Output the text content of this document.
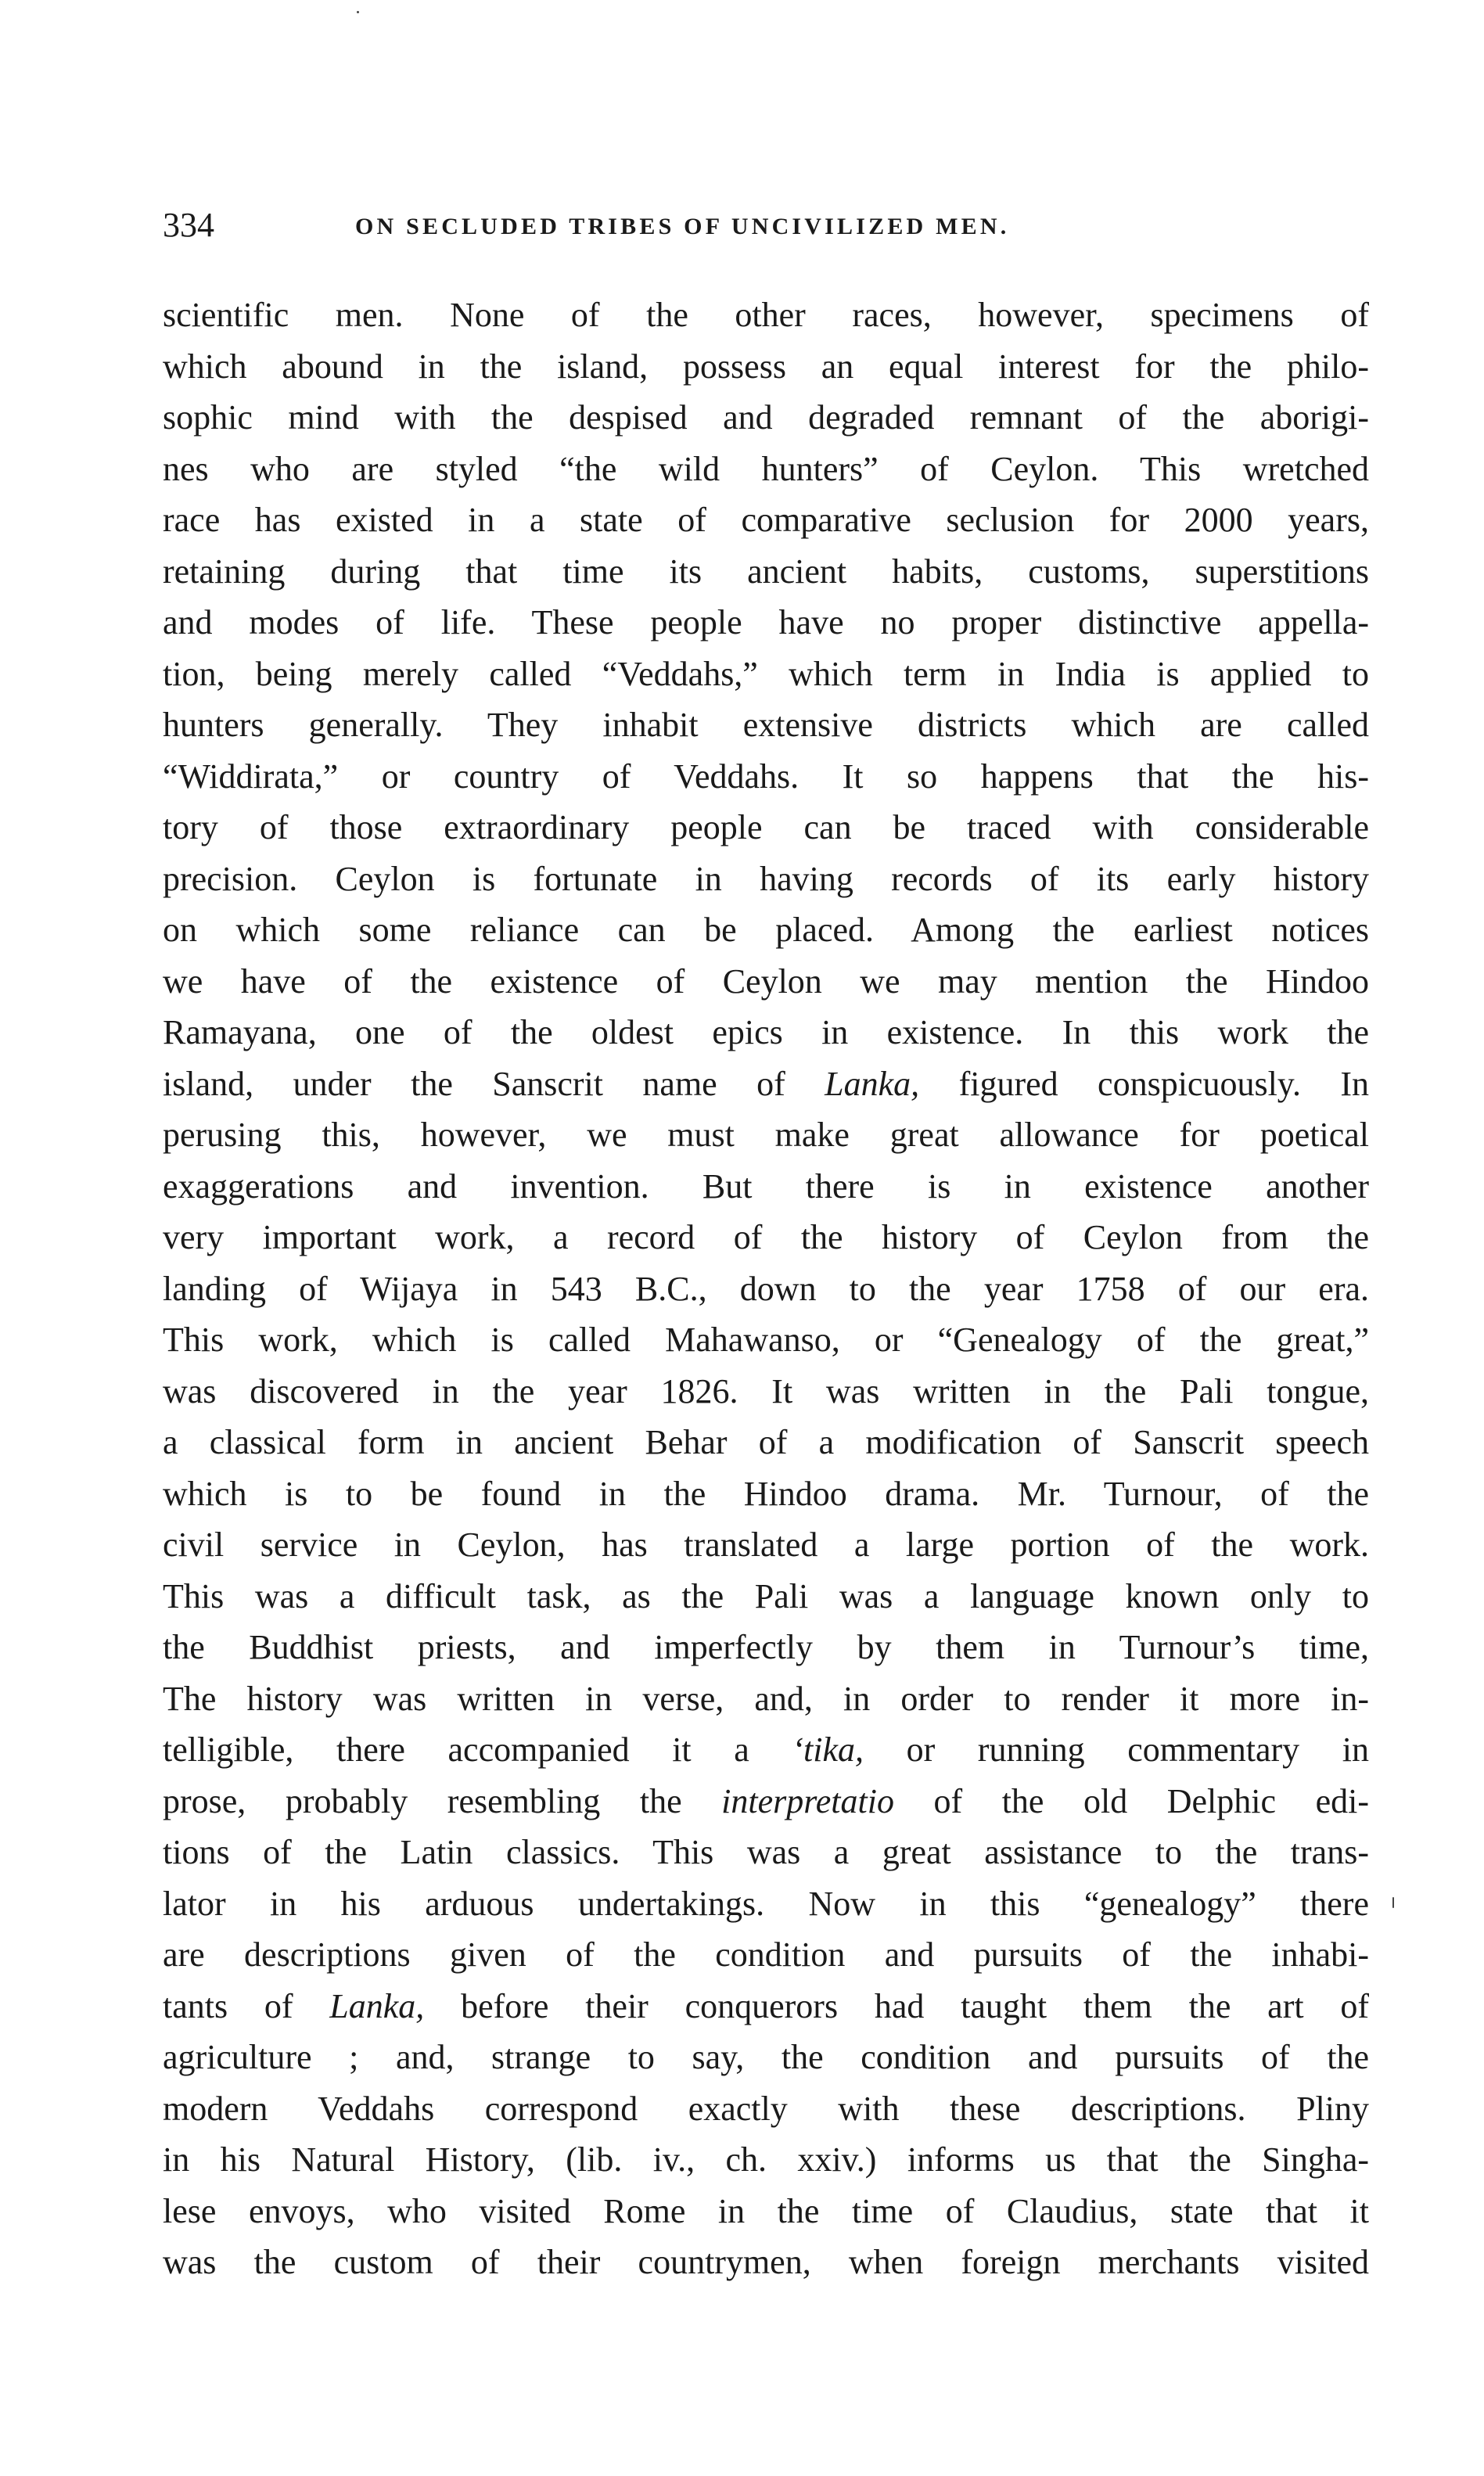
334	ON SECLUDED TRIBES OF UNCIVILIZED MEN.
scientific men. None of the other races, however, specimens of
which abound in the island, possess an equal interest for the philo-
sophic mind with the despised and degraded remnant of the aborigi-
nes who are styled “the wild hunters” of Ceylon. This wretched
race has existed in a state of comparative seclusion for 2000 years,
retaining during that time its ancient habits, customs, superstitions
and modes of life. These people have no proper distinctive appella-
tion, being merely called “Veddahs,” which term in India is applied to
hunters generally. They inhabit extensive districts which are called
“Widdirata,” or country of Veddahs. It so happens that the his-
tory of those extraordinary people can be traced with considerable
precision. Ceylon is fortunate in having records of its early history
on which some reliance can be placed. Among the earliest notices
we have of the existence of Ceylon we may mention the Hindoo
Ramayana, one of the oldest epics in existence. In this work the
island, under the Sanscrit name of Lanka, figured conspicuously. In
perusing this, however, we must make great allowance for poetical
exaggerations and invention. But there is in existence another
very important work, a record of the history of Ceylon from the
landing of Wijaya in 543 B.C., down to the year 1758 of our era.
This work, which is called Mahawanso, or “Genealogy of the great,”
was discovered in the year 1826. It was written in the Pali tongue,
a classical form in ancient Behar of a modification of Sanscrit speech
which is to be found in the Hindoo drama. Mr. Turnour, of the
civil service in Ceylon, has translated a large portion of the work.
This was a difficult task, as the Pali was a language known only to
the Buddhist priests, and imperfectly by them in Turnour’s time,
The history was written in verse, and, in order to render it more in-
telligible, there accompanied it a ‘tika, or running commentary in
prose, probably resembling the interpretatio of the old Delphic edi-
tions of the Latin classics. This was a great assistance to the trans-
lator in his arduous undertakings. Now in this “genealogy” there
are descriptions given of the condition and pursuits of the inhabi-
tants of Lanka, before their conquerors had taught them the art of
agriculture ; and, strange to say, the condition and pursuits of the
modern Veddahs correspond exactly with these descriptions. Pliny
in his Natural History, (lib. iv., ch. xxiv.) informs us that the Singha-
lese envoys, who visited Rome in the time of Claudius, state that it
was the custom of their countrymen, when foreign merchants visited
